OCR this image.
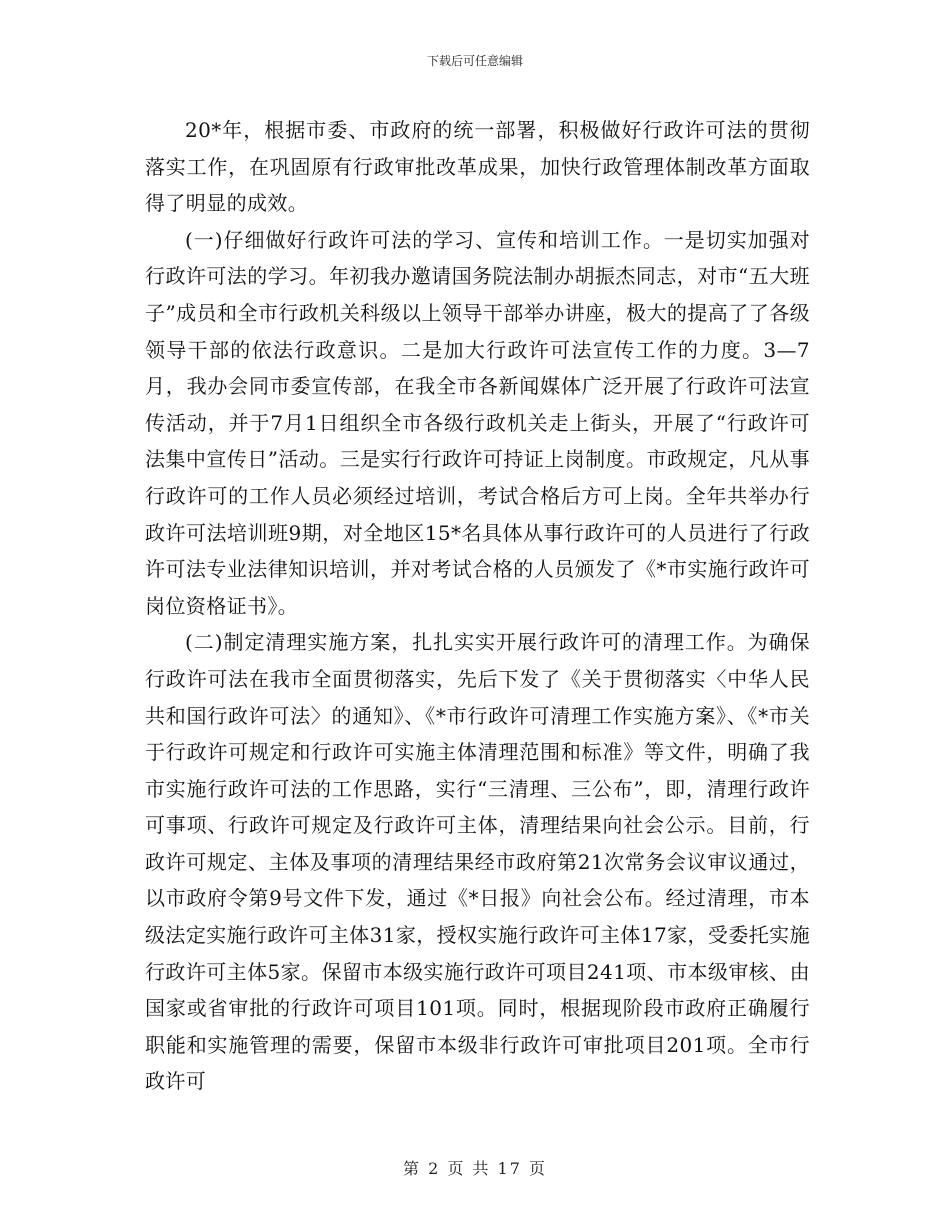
下载后可任意编辑

20*年，根据市委、市政府的统一部署，积极做好行政许可法的贯彻落实工作，在巩固原有行政审批改革成果，加快行政管理体制改革方面取得了明显的成效。

(一)仔细做好行政许可法的学习、宣传和培训工作。一是切实加强对行政许可法的学习。年初我办邀请国务院法制办胡振杰同志，对市“五大班子”成员和全市行政机关科级以上领导干部举办讲座，极大的提高了了各级领导干部的依法行政意识。二是加大行政许可法宣传工作的力度。3—7月，我办会同市委宣传部，在我全市各新闻媒体广泛开展了行政许可法宣传活动，并于7月1日组织全市各级行政机关走上街头，开展了“行政许可法集中宣传日”活动。三是实行行政许可持证上岗制度。市政规定，凡从事行政许可的工作人员必须经过培训，考试合格后方可上岗。全年共举办行政许可法培训班9期，对全地区15*名具体从事行政许可的人员进行了行政许可法专业法律知识培训，并对考试合格的人员颁发了《*市实施行政许可岗位资格证书》。

(二)制定清理实施方案，扎扎实实开展行政许可的清理工作。为确保行政许可法在我市全面贯彻落实，先后下发了《关于贯彻落实〈中华人民共和国行政许可法〉的通知》、《*市行政许可清理工作实施方案》、《*市关于行政许可规定和行政许可实施主体清理范围和标准》等文件，明确了我市实施行政许可法的工作思路，实行“三清理、三公布”，即，清理行政许可事项、行政许可规定及行政许可主体，清理结果向社会公示。目前，行政许可规定、主体及事项的清理结果经市政府第21次常务会议审议通过，以市政府令第9号文件下发，通过《*日报》向社会公布。经过清理，市本级法定实施行政许可主体31家，授权实施行政许可主体17家，受委托实施行政许可主体5家。保留市本级实施行政许可项目241项、市本级审核、由国家或省审批的行政许可项目101项。同时，根据现阶段市政府正确履行职能和实施管理的需要，保留市本级非行政许可审批项目201项。全市行政许可

第 2 页 共 17 页
